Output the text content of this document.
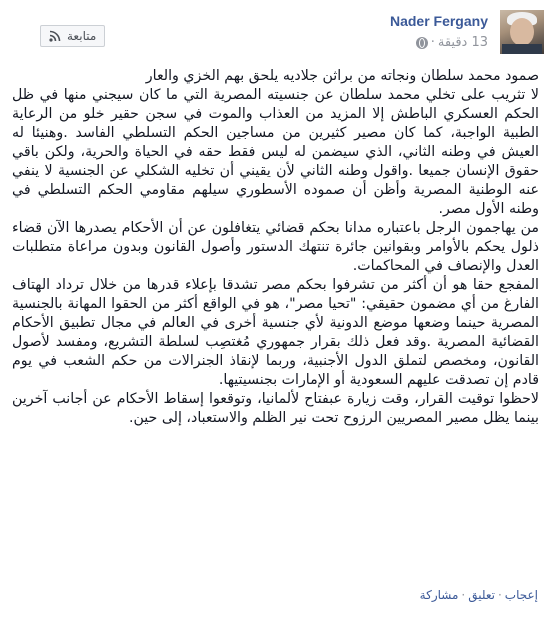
Nader Fergany
13 دقيقة
·
متابعة

صمود محمد سلطان ونجاته من براثن جلاديه يلحق بهم الخزي والعار

لا تثريب على تخلي محمد سلطان عن جنسيته المصرية التي ما كان سيجني منها في ظل الحكم العسكري الباطش إلا المزيد من العذاب والموت في سجن حقير خلو من الرعاية الطبية الواجبة، كما كان مصير كثيرين من مساجين الحكم التسلطي الفاسد .وهنيئا له العيش في وطنه الثاني، الذي سيضمن له ليس فقط حقه في الحياة والحرية، ولكن باقي حقوق الإنسان جميعا .واقول وطنه الثاني لأن يقيني أن تخليه الشكلي عن الجنسية لا ينفي عنه الوطنية المصرية وأظن أن صموده الأسطوري سيلهم مقاومي الحكم التسلطي في وطنه الأول مصر.

من يهاجمون الرجل باعتباره مدانا بحكم قضائي يتغافلون عن أن الأحكام يصدرها الآن قضاء ذلول يحكم بالأوامر وبقوانين جائرة تنتهك الدستور وأصول القانون وبدون مراعاة متطلبات العدل والإنصاف في المحاكمات.

المفجع حقا هو أن أكثر من تشرفوا بحكم مصر تشدقا بإعلاء قدرها من خلال ترداد الهتاف الفارغ من أي مضمون حقيقي: "تحيا مصر"، هو في الواقع أكثر من الحقوا المهانة بالجنسية المصرية حينما وضعها موضع الدونية لأي جنسية أخرى في العالم في مجال تطبيق الأحكام القضائية المصرية .وقد فعل ذلك بقرار جمهوري مُغتصِب لسلطة التشريع، ومفسد لأصول القانون، ومخصص لتملق الدول الأجنبية، وربما لإنقاذ الجنرالات من حكم الشعب في يوم قادم إن تصدقت عليهم السعودية أو الإمارات بجنسيتيها.

لاحظوا توقيت القرار، وقت زيارة عبفتاح لألمانيا، وتوقعوا إسقاط الأحكام عن أجانب آخرين بينما يظل مصير المصريين الرزوح تحت نير الظلم والاستعباد، إلى حين.

إعجاب·تعليق·مشاركة
